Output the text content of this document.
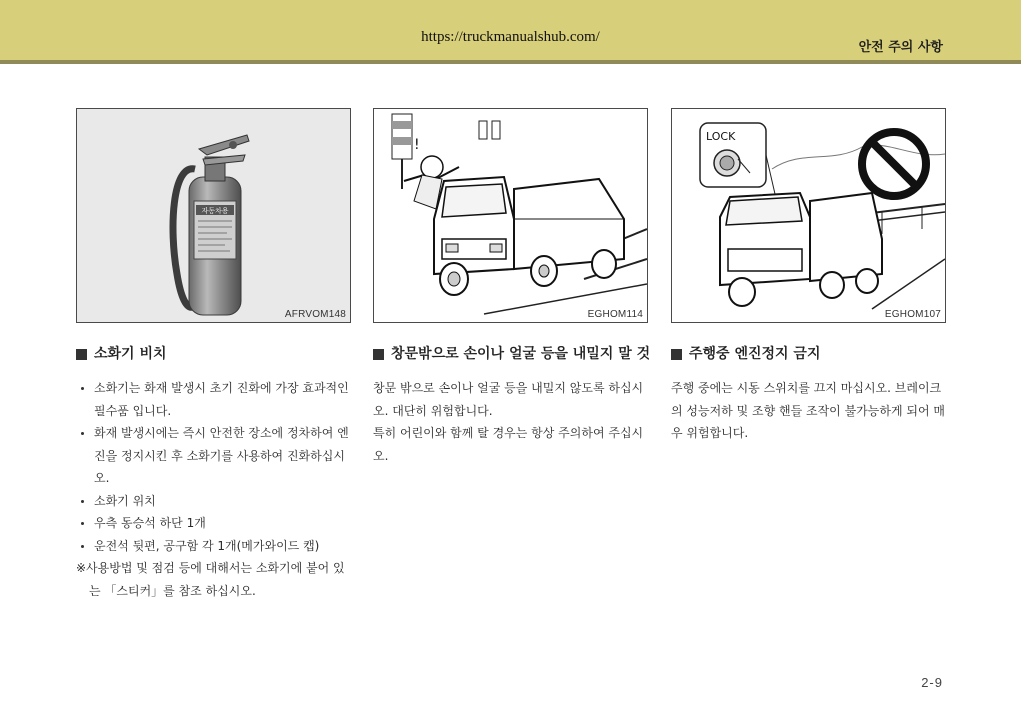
https://truckmanualshub.com/
안전 주의 사항
자동차용
AFRVOM148
!
EGHOM114
LOCK
EGHOM107
소화기 비치
소화기는 화재 발생시 초기 진화에 가장 효과적인 필수품 입니다.
화재 발생시에는 즉시 안전한 장소에 정차하여 엔진을 정지시킨 후 소화기를 사용하여 진화하십시오.
소화기 위치
우측 동승석 하단 1개
운전석 뒷편, 공구함 각 1개(메가와이드 캡)

※사용방법 및 점검 등에 대해서는 소화기에 붙어 있는 「스티커」를 참조 하십시오.

창문밖으로 손이나 얼굴 등을 내밀지 말 것

창문 밖으로 손이나 얼굴 등을 내밀지 않도록 하십시오. 대단히 위험합니다.

특히 어린이와 함께 탈 경우는 항상 주의하여 주십시오.

주행중 엔진정지 금지

주행 중에는 시동 스위치를 끄지 마십시오. 브레이크의 성능저하 및 조향 핸들 조작이 불가능하게 되어 매우 위험합니다.

2-9
